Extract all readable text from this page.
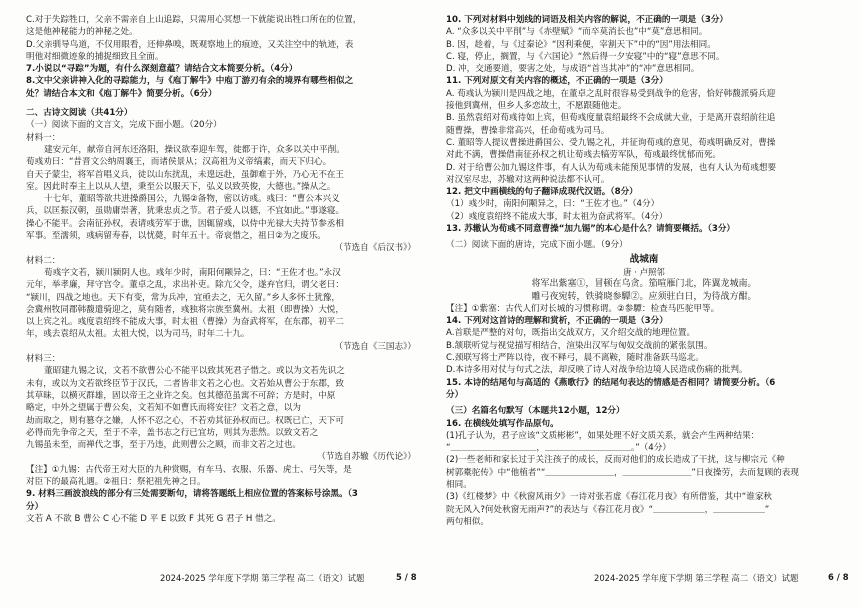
C.对于失踪牲口，父亲不需亲自上山追踪，只需用心冥想一下就能说出牲口所在的位置，
这是他神秘能力的神秘之处。
D.父亲驯导鸟道，不仅用眼看，还伸鼻嗅，既观察地上的痕迹，又关注空中的轨迹，表
明他对细微迹象的捕捉细致且全面。
7.小说以“寻踪”为题，有什么深刻意蕴？请结合文本简要分析。（4分）
8.文中父亲讲神入化的寻踪能力，与《庖丁解牛》中庖丁游刃有余的境界有哪些相似之
处？请结合本文和《庖丁解牛》简要分析。（6分）
二、古诗文阅读（共41分）
（一）阅读下面的文言文，完成下面小题。（20分）
材料一：
建安元年，献帝自河东还洛阳，操议欲奉迎车驾，徙都于许，众多以关中平削。
荀彧劝曰：“昔晋文公纳周襄王，而诸侯景从；汉高祖为义帝缟素，而天下归心。
自天子蒙尘，将军首唱义兵，徒以山东扰乱，未遑远赴，虽御难于外，乃心无不在王
室。因此时奉主上以从人望，秉至公以服天下，弘义以致英俊，大德也。”操从之。
十七年，董昭等欲共进操爵国公，九锡②备物，密以访彧。彧曰：“曹公本兴义
兵，以匡振汉朝，虽勋庸崇著，犹秉忠贞之节。君子爱人以德，不宜如此。”事遂寝。
操心不能平。会南征孙权，表请彧劳军于谯，因辄留彧，以侍中光禄大夫持节参丞相
军事。至濡须，彧病留寿春，以忧薨，时年五十。帝哀惜之，祖日②为之废乐。
（节选自《后汉书》）
材料二：
荀彧字文若，颍川颍阴人也。彧年少时，南阳何颙异之，曰：“王佐才也。”永汉
元年，举孝廉，拜守宫令。董卓之乱，求出补吏。除亢父令，遂弃官归，谓父老曰：
“颍川，四战之地也。天下有变，常为兵冲，宜亟去之，无久留。”乡人多怀土犹豫，
会冀州牧同郡韩馥遣骑迎之，莫有随者，彧独将宗族至冀州。太祖（即曹操）大悦，
以上宾之礼。彧度袁绍终不能成大事，时太祖（曹操）为奋武将军，在东郡，初平二
年，彧去袁绍从太祖。太祖大悦，以为司马，时年二十九。
（节选自《三国志》）
材料三：
董昭建九锡之议，文若不欲曹公心不能平以致其死君子惜之。或以为文若先识之
未有，或以为文若欲终臣节于汉氏，二者皆非文若之心也。文若始从曹公于东郡，致
其草昧，以横灭群雄，固以帝王之业许之矣。包其德范虽寓不可辞；方是时，中原
略定，中外之望属于曹公矣，文若知不如曹氏而将安往？文若之意，以为
劫而取之，则有篡夺之嫌，人怀不忍之心，不若劝其征孙权而已。权既已亡，天下可
必得而先争帝之天，至于不幸，盖书志之行已宜坊，则其为悲然。以致文若之
九锡虽未至，而禅代之事，至于乃违，此则曹公之顾，而非文若之过也。
（节选自苏辙《历代论》）
【注】①九锡：古代帝王对大臣的九种赏赐，有车马、衣服、乐器、虎士、弓矢等，是
对臣下的最高礼遇。②祖日：祭祀祖先神之日。
9. 材料三画波浪线的部分有三处需要断句，请将答题纸上相应位置的答案标号涂黑。（3
分）
文若 A 不欲 B 曹公 C 心不能 D 平 E 以致 F 其死 G 君子 H 惜之。
10. 下列对材料中划线的词语及相关内容的解说，不正确的一项是（3分）
A. “众多以关中平削”与《赤壁赋》“而卒莫消长也”中“莫”意思相同。
B. 因，趁着，与《过秦论》“因利乘便，宰割天下”中的“因”用法相同。
C. 寝，停止，搁置，与《六国论》“然后得一夕安寝”中的“寝”意思不同。
D. 冲，交通要道，要害之处，与成语“首当其冲”的“冲”意思相同。
11. 下列对原文有关内容的概述，不正确的一项是（3分）
A. 荀彧认为颍川是四战之地，在董卓之乱时很容易受到战争的危害，恰好韩馥派骑兵迎
接他到冀州，但乡人多恋故土，不愿跟随他走。
B. 虽然袁绍对荀彧待如上宾，但荀彧度量袁绍最终不会成就大业，于是离开袁绍前往追
随曹操，曹操非常高兴，任命荀彧为司马。
C. 董昭等人提议曹操进爵国公、受九锡之礼，并征询荀彧的意见，荀彧明确反对，曹操
对此不满，曹操借南征孙权之机让荀彧去犒劳军队，荀彧最终忧郁而死。
D. 对于给曹公加九锡这件事，有人认为荀彧未能预见事情的发展，也有人认为荀彧想要
对汉室尽忠，苏辙对这两种说法都不认可。
12. 把文中画横线的句子翻译成现代汉语。（8分）
（1）彧少时，南阳何颙异之，曰：“王佐才也。”（4分）
（2）彧度袁绍终不能成大事，时太祖为奋武将军。（4分）
13. 苏辙认为荀彧不同意曹操“加九锡”的本心是什么？请简要概括。（3分）
（二）阅读下面的唐诗，完成下面小题。（9分）
战城南
唐 · 卢照邻
将军出紫塞①，冒顿在乌贪。笳喧雁门北，阵翼龙城南。
雕弓夜宛转，铁骑晓参驔②。应须驻白日，为待战方酣。
【注】①紫塞：古代人们对长城的习惯称谓。②参驔：检查马匹驼甲等。
14. 下列对这首诗的理解和赏析，不正确的一项是（3分）
A.首联是严整的对句，既指出交战双方，又介绍交战的地理位置。
B.颔联听觉与视觉描写相结合，渲染出汉军与匈奴交战前的紧张氛围。
C.颈联写将士严阵以待，夜不释弓，晨不离鞍，随时准备跃马巡北。
D.本诗多用对仗与句式之法，却反映了诗人对战争给边境人民造成伤痛的批判。
15. 本诗的结尾句与高适的《燕歌行》的结尾句表达的情感是否相同？请简要分析。（6
分）
（三）名篇名句默写（本题共12小题，12分）
16. 在横线处填写作品原句。
(1)孔子认为，君子应该“文质彬彬”，如果处理不好文质关系，就会产生两种结果：
“＿＿＿＿＿＿＿＿＿＿，＿＿＿＿＿＿＿＿＿＿。”（4分）
(2)一些老师和家长过于关注孩子的成长，反而对他们的成长造成了干扰，这与柳宗元《种
树郭橐驼传》中“他植者”“＿＿＿＿＿＿＿＿，＿＿＿＿＿＿＿＿”日夜操劳，去而复顾的表现
相同。
(3)《红楼梦》中《秋窗风雨夕》一诗对张若虚《春江花月夜》有所借鉴，其中“谁家秋
院无风入?何处秋窗无雨声?”的表达与《春江花月夜》“＿＿＿＿＿＿，＿＿＿＿＿＿”
两句相似。
2024-2025 学年度下学期 第三学程 高二（语文）试题	5 / 8	2024-2025 学年度下学期 第三学程 高二（语文）试题	6 / 8
